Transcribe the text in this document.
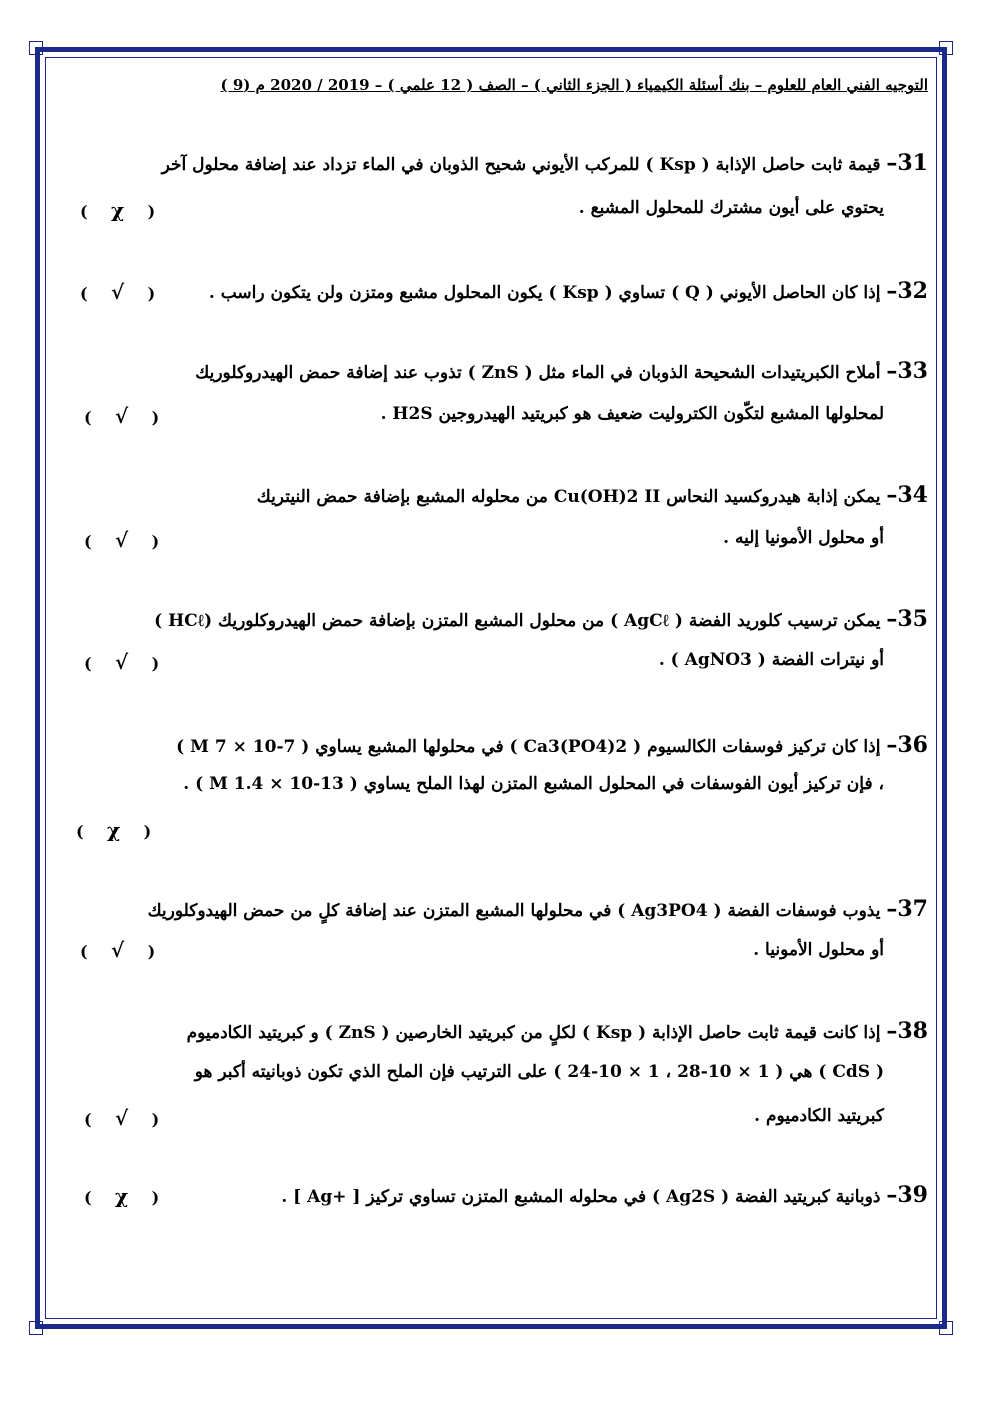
التوجيه الفني العام للعلوم – بنك أسئلة الكيمياء ( الجزء الثاني ) – الصف ( 12 علمي ) – 2019 / 2020 م (9 )
31– قيمة ثابت حاصل الإذابة ( Ksp ) للمركب الأيوني شحيح الذوبان في الماء تزداد عند إضافة محلول آخر
يحتوي على أيون مشترك للمحلول المشبع .
( χ )
32– إذا كان الحاصل الأيوني ( Q ) تساوي ( Ksp ) يكون المحلول مشبع ومتزن ولن يتكون راسب .
( √ )
33– أملاح الكبريتيدات الشحيحة الذوبان في الماء مثل ( ZnS ) تذوب عند إضافة حمض الهيدروكلوريك
لمحلولها المشبع لتكّون الكتروليت ضعيف هو كبريتيد الهيدروجين H2S .
( √ )
34– يمكن إذابة هيدروكسيد النحاس Cu(OH)2 II من محلوله المشبع بإضافة حمض النيتريك
أو محلول الأمونيا إليه .
( √ )
35– يمكن ترسيب كلوريد الفضة ( AgCℓ ) من محلول المشبع المتزن بإضافة حمض الهيدروكلوريك (HCℓ )
أو نيترات الفضة ( AgNO3 ) .
( √ )
36– إذا كان تركيز فوسفات الكالسيوم ( Ca3(PO4)2 ) في محلولها المشبع يساوي ( M 7 × 10-7 )
، فإن تركيز أيون الفوسفات في المحلول المشبع المتزن لهذا الملح يساوي ( M 1.4 × 10-13 ) .
( χ )
37– يذوب فوسفات الفضة ( Ag3PO4 ) في محلولها المشبع المتزن عند إضافة كلٍ من حمض الهيدوكلوريك
أو محلول الأمونيا .
( √ )
38– إذا كانت قيمة ثابت حاصل الإذابة ( Ksp ) لكلٍ من كبريتيد الخارصين ( ZnS ) و كبريتيد الكادميوم
( CdS ) هي ( 1 × 10-28 ، 1 × 10-24 ) على الترتيب فإن الملح الذي تكون ذوبانيته أكبر هو
كبريتيد الكادميوم .
( √ )
39– ذوبانية كبريتيد الفضة ( Ag2S ) في محلوله المشبع المتزن تساوي تركيز [ +Ag ] .
( χ )
